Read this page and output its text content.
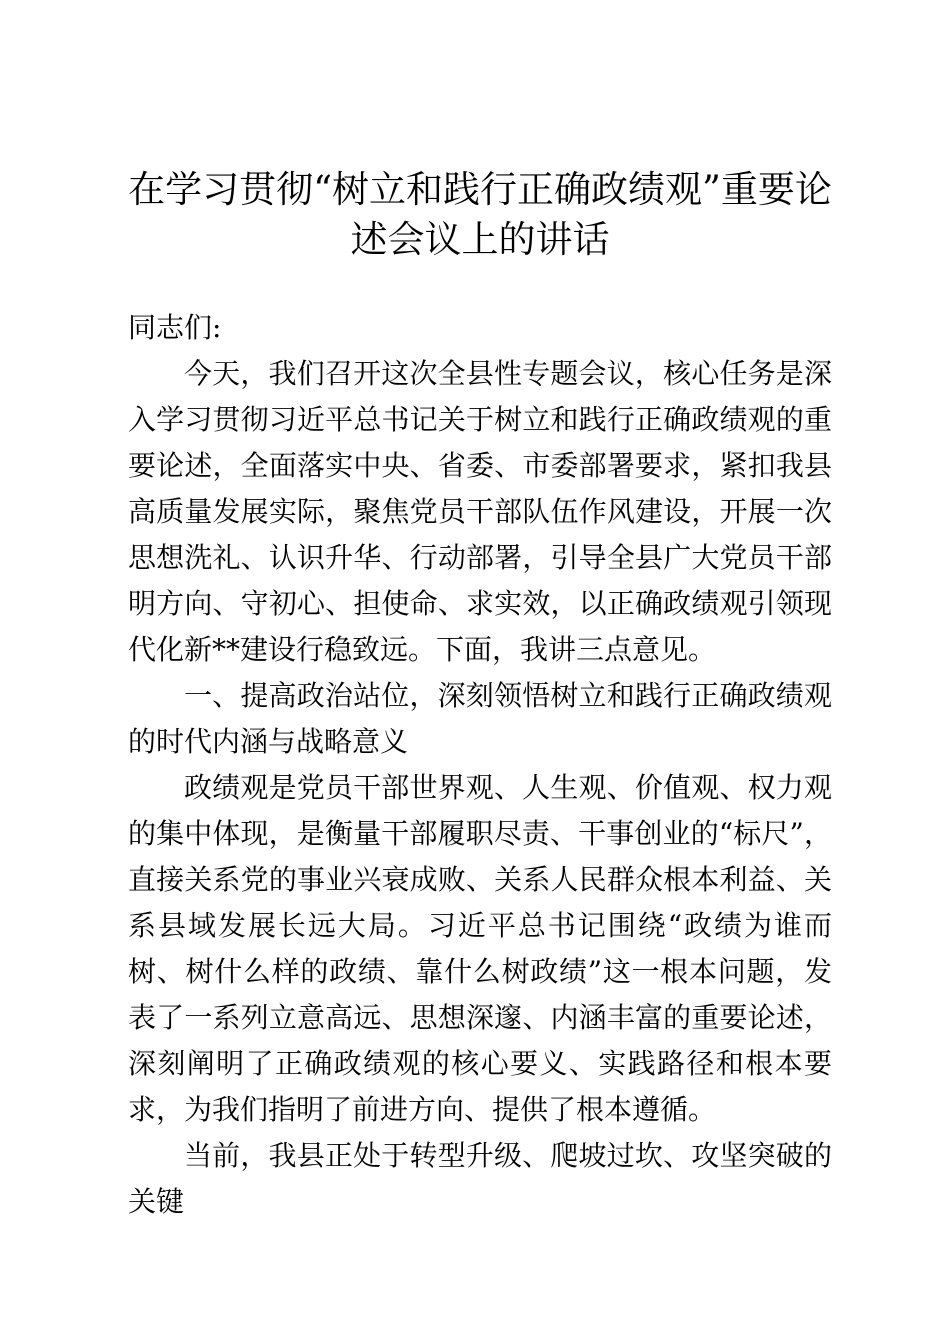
在学习贯彻“树立和践行正确政绩观”重要论述会议上的讲话

同志们:

今天，我们召开这次全县性专题会议，核心任务是深入学习贯彻习近平总书记关于树立和践行正确政绩观的重要论述，全面落实中央、省委、市委部署要求，紧扣我县高质量发展实际，聚焦党员干部队伍作风建设，开展一次思想洗礼、认识升华、行动部署，引导全县广大党员干部明方向、守初心、担使命、求实效，以正确政绩观引领现代化新**建设行稳致远。下面，我讲三点意见。

一、提高政治站位，深刻领悟树立和践行正确政绩观的时代内涵与战略意义

政绩观是党员干部世界观、人生观、价值观、权力观的集中体现，是衡量干部履职尽责、干事创业的“标尺”，直接关系党的事业兴衰成败、关系人民群众根本利益、关系县域发展长远大局。习近平总书记围绕“政绩为谁而树、树什么样的政绩、靠什么树政绩”这一根本问题，发表了一系列立意高远、思想深邃、内涵丰富的重要论述，深刻阐明了正确政绩观的核心要义、实践路径和根本要求，为我们指明了前进方向、提供了根本遵循。

当前，我县正处于转型升级、爬坡过坎、攻坚突破的关键
